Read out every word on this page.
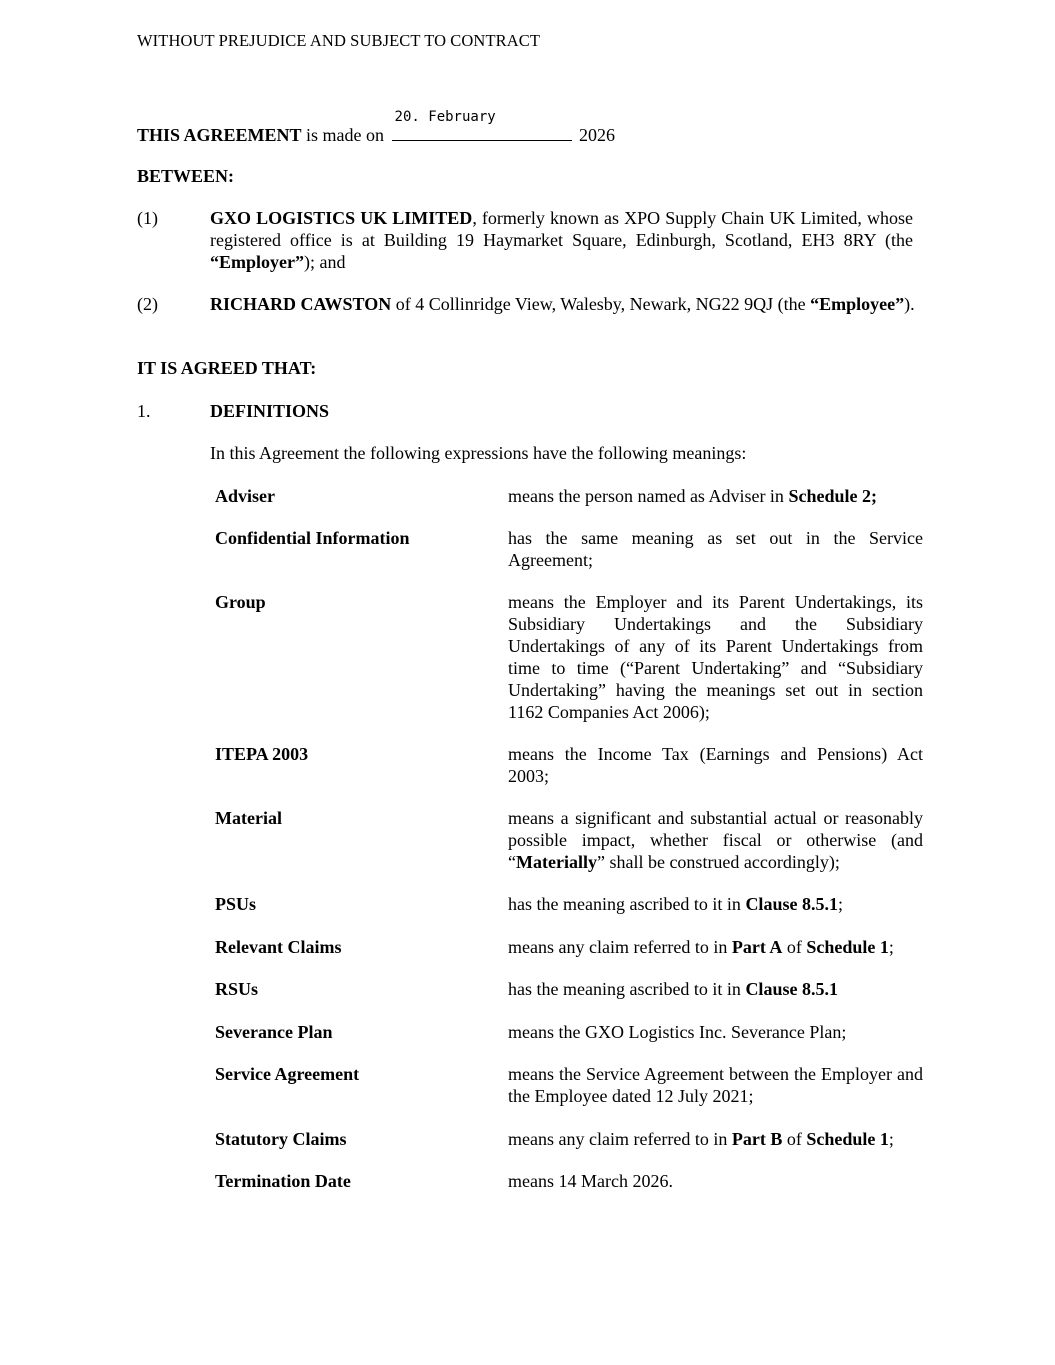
WITHOUT PREJUDICE AND SUBJECT TO CONTRACT
THIS AGREEMENT is made on
20. February
2026
BETWEEN:
(1)	GXO LOGISTICS UK LIMITED, formerly known as XPO Supply Chain UK Limited, whose registered office is at Building 19 Haymarket Square, Edinburgh, Scotland, EH3 8RY (the “Employer”); and
(2)	RICHARD CAWSTON of 4 Collinridge View, Walesby, Newark, NG22 9QJ (the “Employee”).
IT IS AGREED THAT:
1.	DEFINITIONS
In this Agreement the following expressions have the following meanings:
Adviser	means the person named as Adviser in Schedule 2;
Confidential Information	has the same meaning as set out in the Service Agreement;
Group	means the Employer and its Parent Undertakings, its Subsidiary Undertakings and the Subsidiary Undertakings of any of its Parent Undertakings from time to time (“Parent Undertaking” and “Subsidiary Undertaking” having the meanings set out in section 1162 Companies Act 2006);
ITEPA 2003	means the Income Tax (Earnings and Pensions) Act 2003;
Material	means a significant and substantial actual or reasonably possible impact, whether fiscal or otherwise (and “Materially” shall be construed accordingly);
PSUs	has the meaning ascribed to it in Clause 8.5.1;
Relevant Claims	means any claim referred to in Part A of Schedule 1;
RSUs	has the meaning ascribed to it in Clause 8.5.1
Severance Plan	means the GXO Logistics Inc. Severance Plan;
Service Agreement	means the Service Agreement between the Employer and the Employee dated 12 July 2021;
Statutory Claims	means any claim referred to in Part B of Schedule 1;
Termination Date	means 14 March 2026.
